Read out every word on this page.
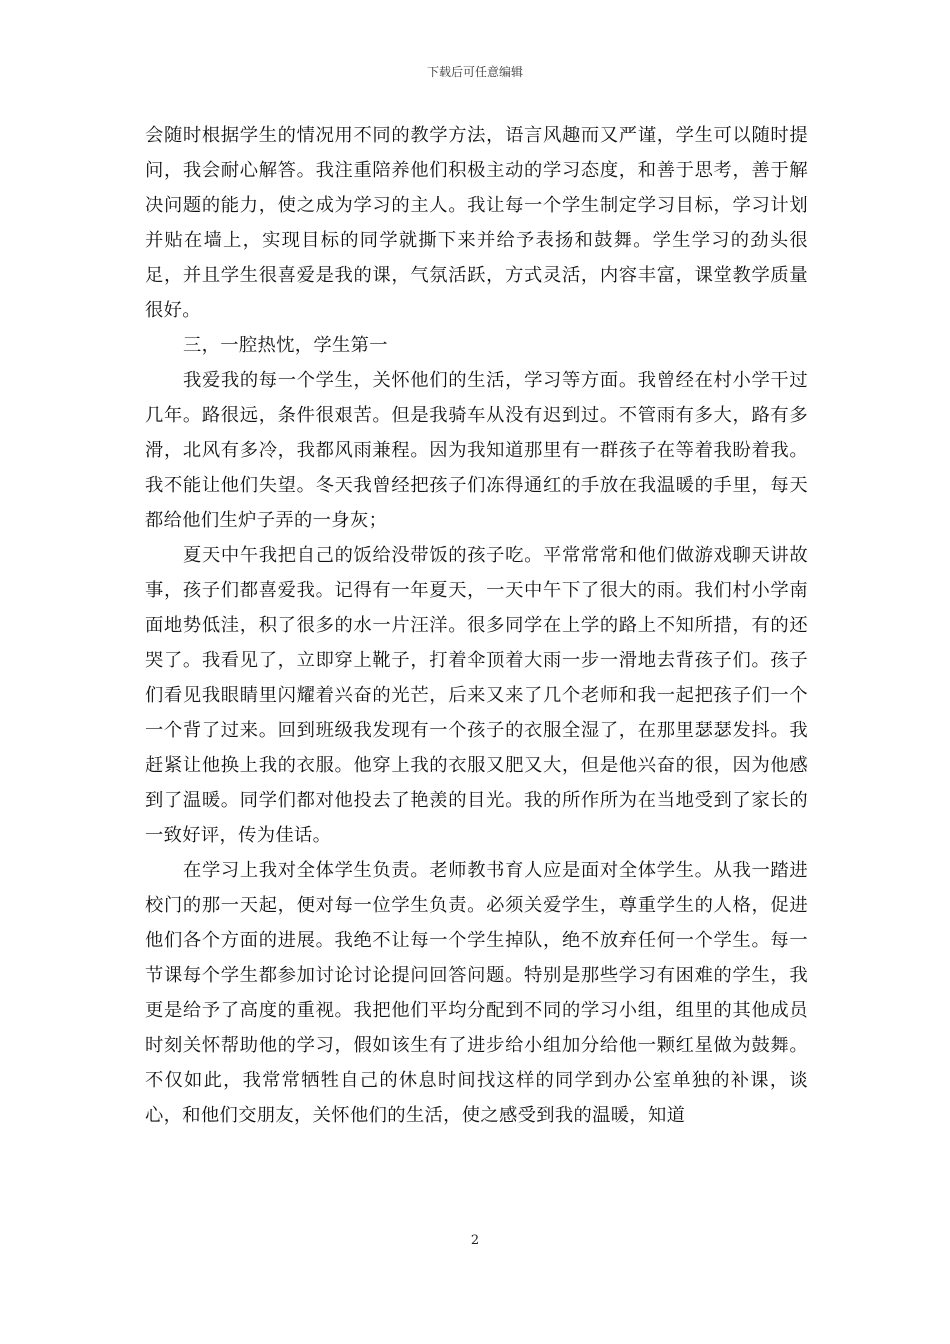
下载后可任意编辑

会随时根据学生的情况用不同的教学方法，语言风趣而又严谨，学生可以随时提问，我会耐心解答。我注重陪养他们积极主动的学习态度，和善于思考，善于解决问题的能力，使之成为学习的主人。我让每一个学生制定学习目标，学习计划并贴在墙上，实现目标的同学就撕下来并给予表扬和鼓舞。学生学习的劲头很足，并且学生很喜爱是我的课，气氛活跃，方式灵活，内容丰富，课堂教学质量很好。

三，一腔热忱，学生第一

我爱我的每一个学生，关怀他们的生活，学习等方面。我曾经在村小学干过几年。路很远，条件很艰苦。但是我骑车从没有迟到过。不管雨有多大，路有多滑，北风有多冷，我都风雨兼程。因为我知道那里有一群孩子在等着我盼着我。我不能让他们失望。冬天我曾经把孩子们冻得通红的手放在我温暖的手里，每天都给他们生炉子弄的一身灰；

夏天中午我把自己的饭给没带饭的孩子吃。平常常常和他们做游戏聊天讲故事，孩子们都喜爱我。记得有一年夏天，一天中午下了很大的雨。我们村小学南面地势低洼，积了很多的水一片汪洋。很多同学在上学的路上不知所措，有的还哭了。我看见了，立即穿上靴子，打着伞顶着大雨一步一滑地去背孩子们。孩子们看见我眼睛里闪耀着兴奋的光芒，后来又来了几个老师和我一起把孩子们一个一个背了过来。回到班级我发现有一个孩子的衣服全湿了，在那里瑟瑟发抖。我赶紧让他换上我的衣服。他穿上我的衣服又肥又大，但是他兴奋的很，因为他感到了温暖。同学们都对他投去了艳羡的目光。我的所作所为在当地受到了家长的一致好评，传为佳话。

在学习上我对全体学生负责。老师教书育人应是面对全体学生。从我一踏进校门的那一天起，便对每一位学生负责。必须关爱学生，尊重学生的人格，促进他们各个方面的进展。我绝不让每一个学生掉队，绝不放弃任何一个学生。每一节课每个学生都参加讨论讨论提问回答问题。特别是那些学习有困难的学生，我更是给予了高度的重视。我把他们平均分配到不同的学习小组，组里的其他成员时刻关怀帮助他的学习，假如该生有了进步给小组加分给他一颗红星做为鼓舞。不仅如此，我常常牺牲自己的休息时间找这样的同学到办公室单独的补课，谈心，和他们交朋友，关怀他们的生活，使之感受到我的温暖，知道

2
